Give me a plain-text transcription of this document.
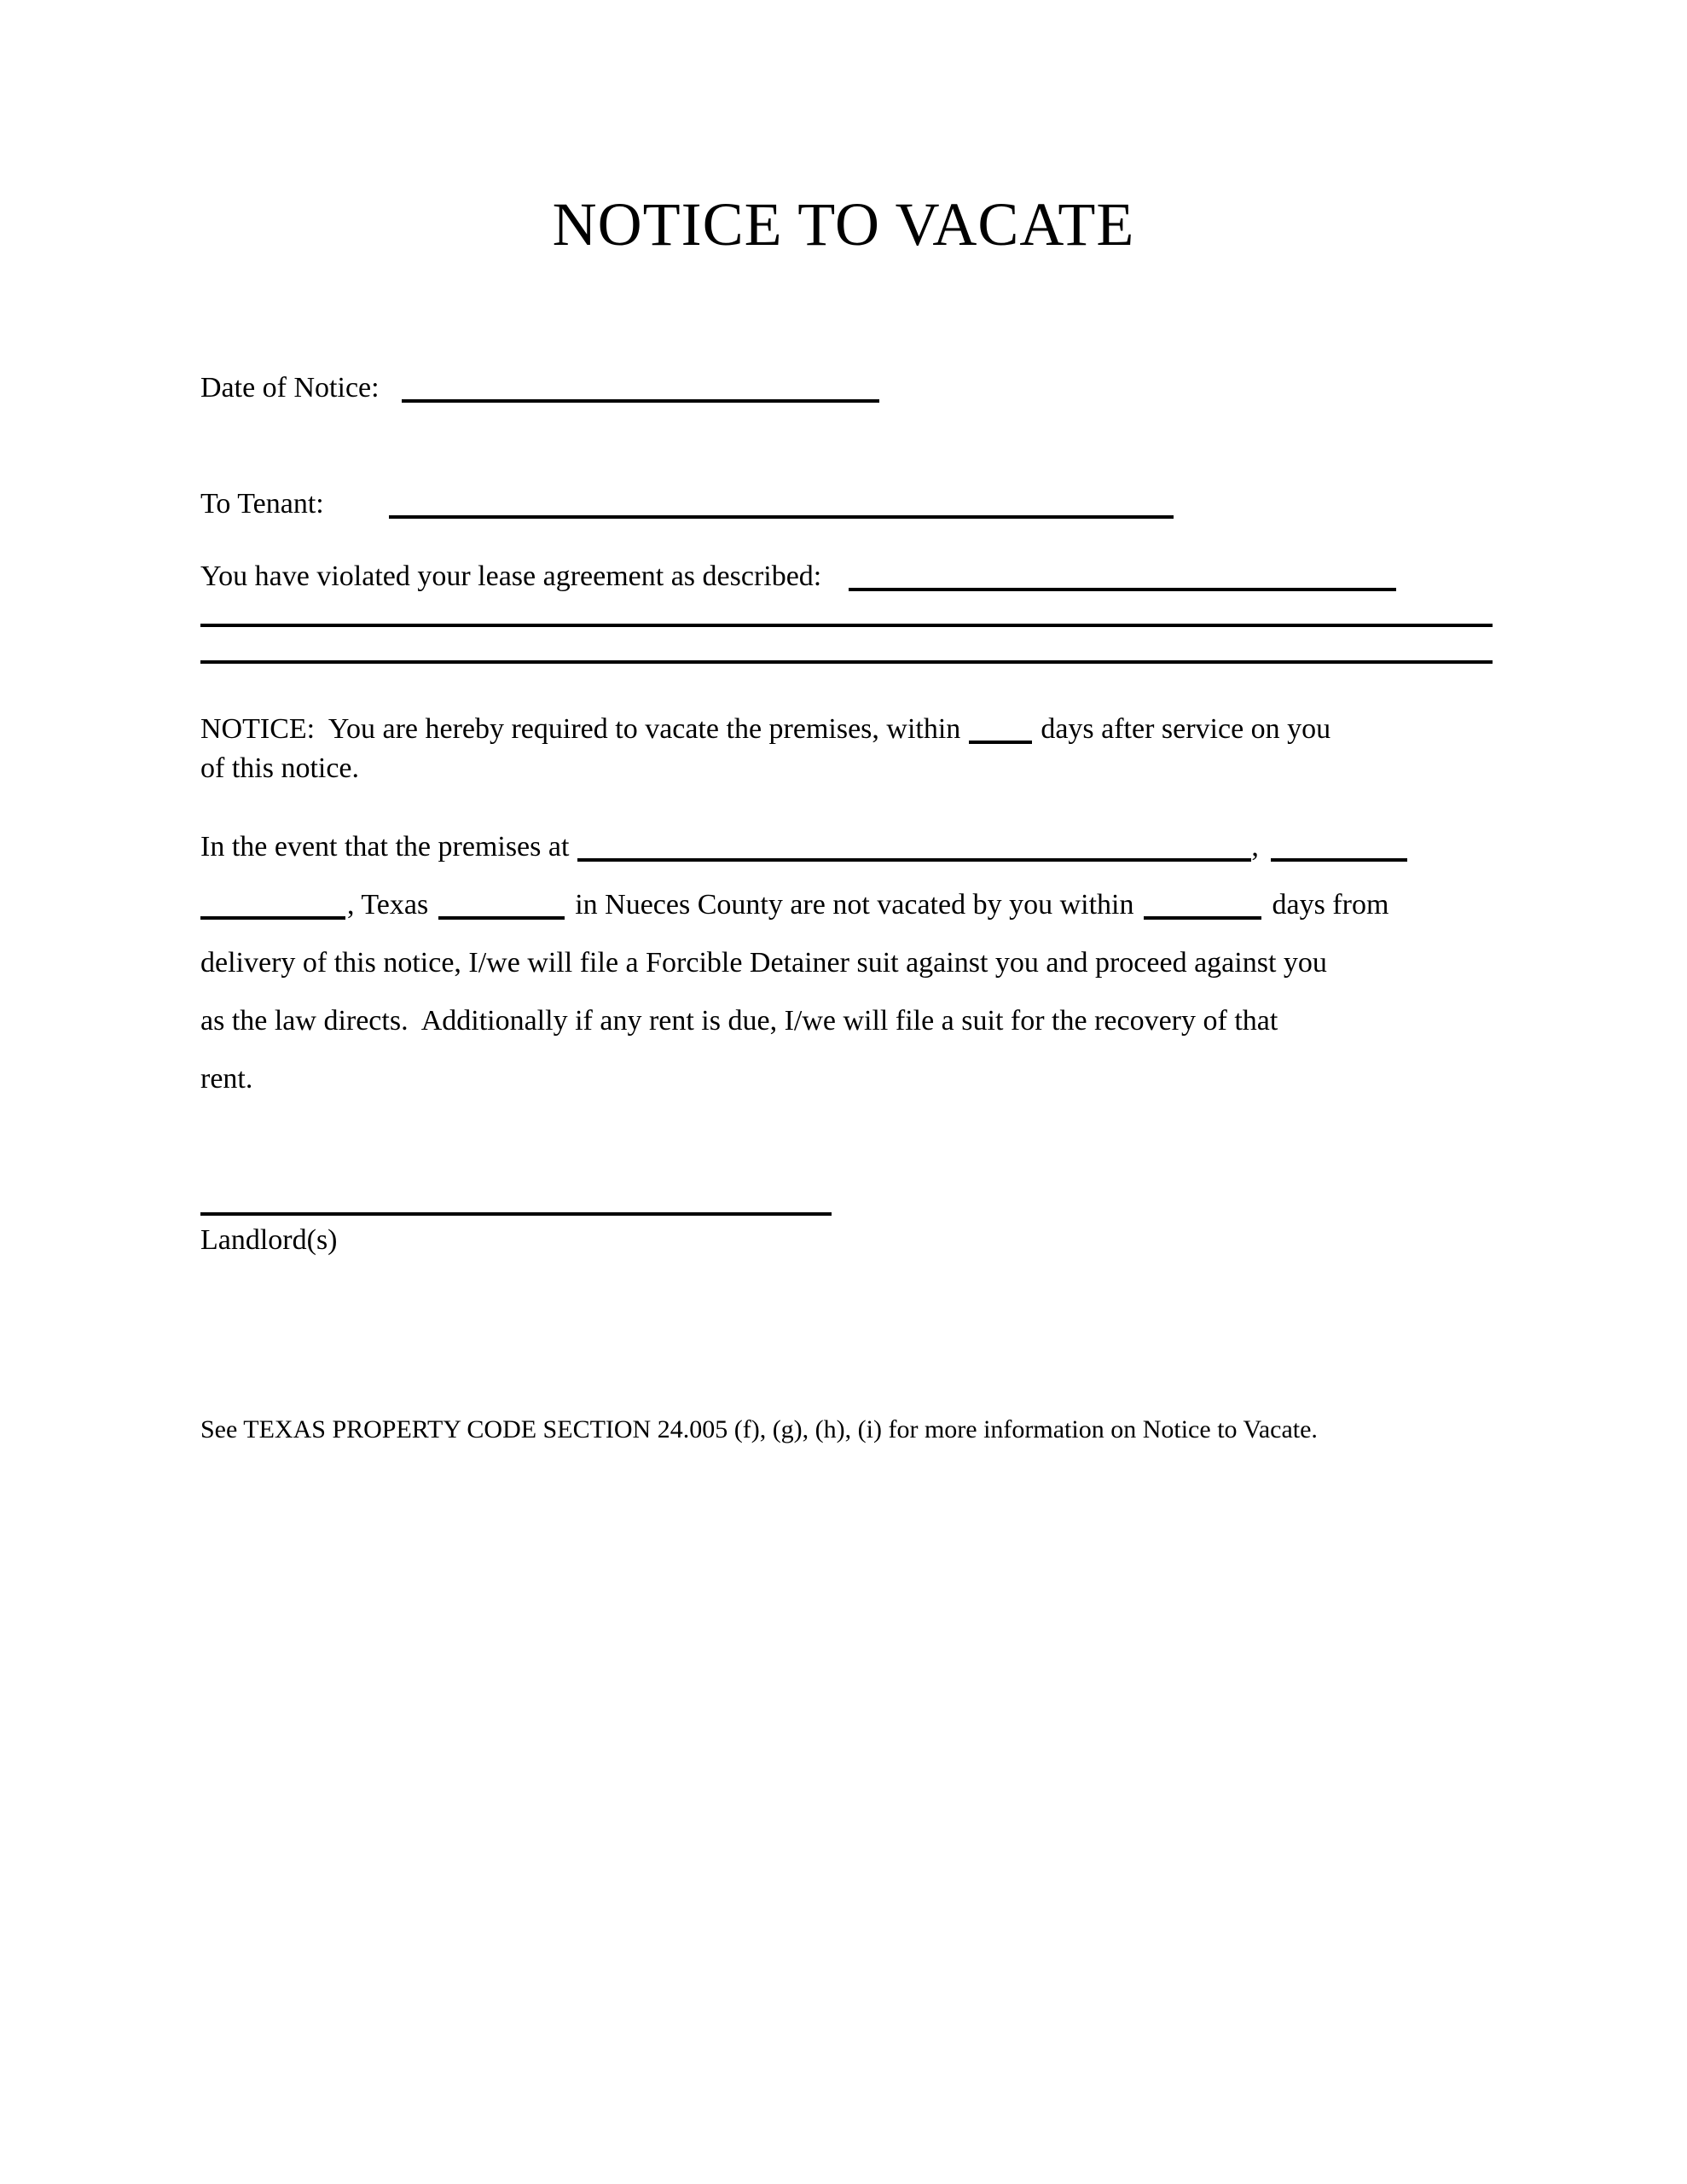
NOTICE TO VACATE
Date of Notice:
To Tenant:
You have violated your lease agreement as described:
NOTICE:  You are hereby required to vacate the premises, within	days after service on you
of this notice.
In the event that the premises at	,
, Texas	in Nueces County are not vacated by you within	days from
delivery of this notice, I/we will file a Forcible Detainer suit against you and proceed against you
as the law directs.  Additionally if any rent is due, I/we will file a suit for the recovery of that
rent.
Landlord(s)
See TEXAS PROPERTY CODE SECTION 24.005 (f), (g), (h), (i) for more information on Notice to Vacate.
